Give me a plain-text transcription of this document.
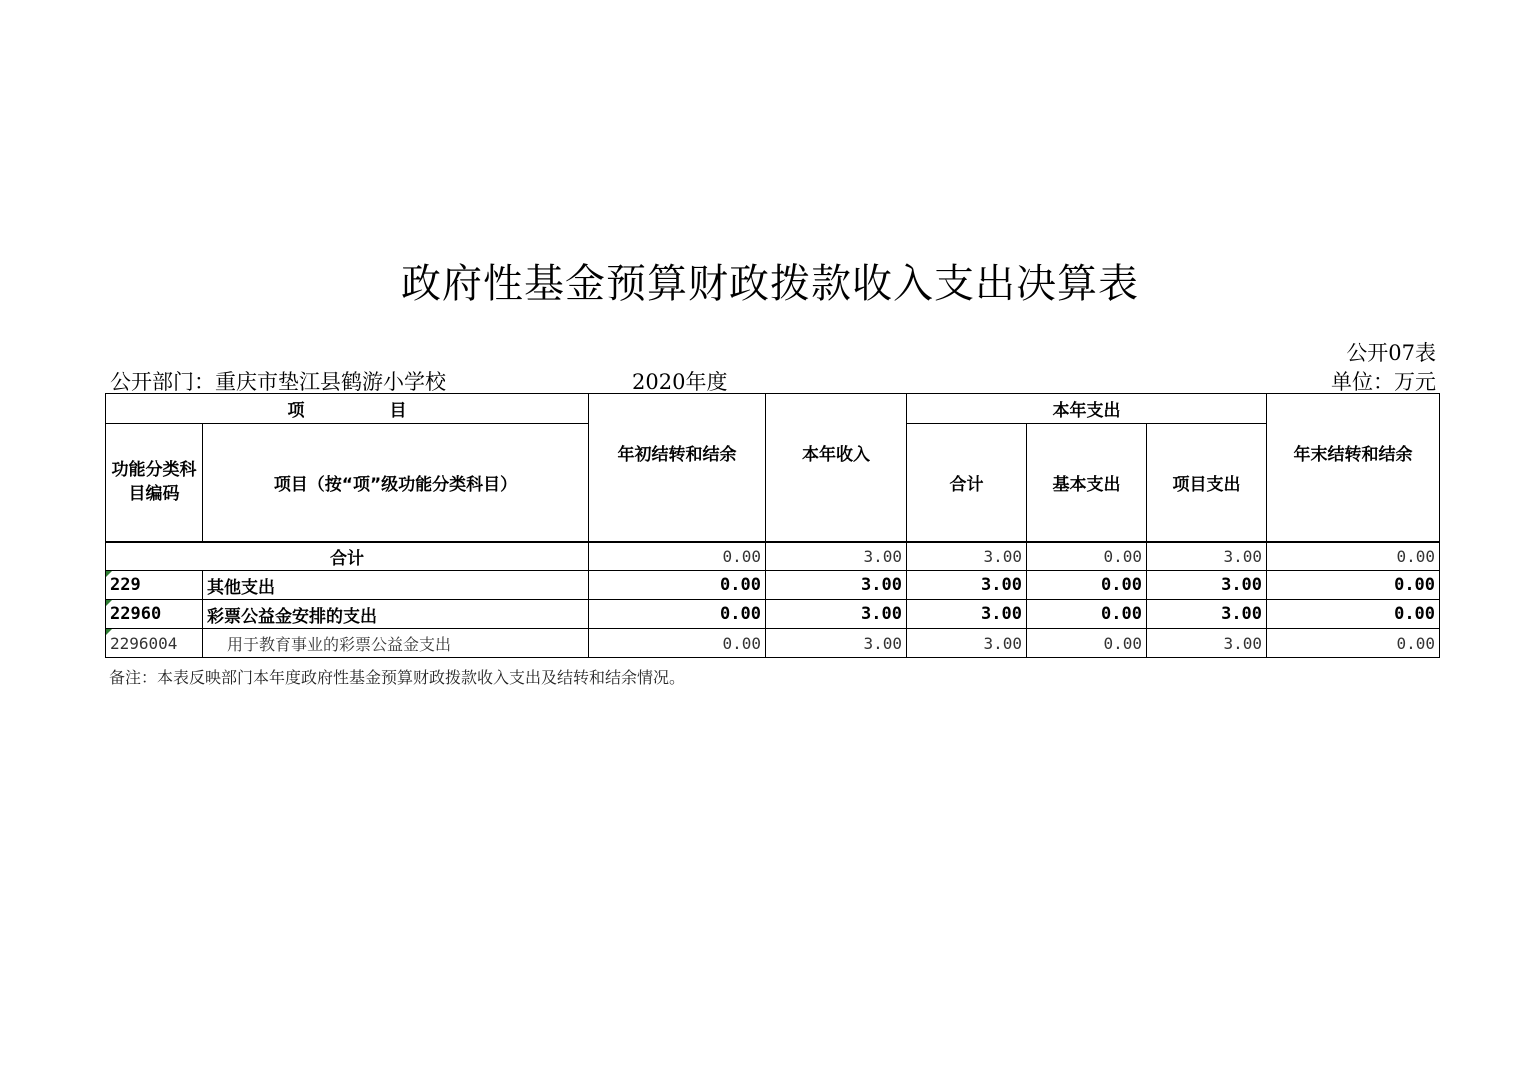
政府性基金预算财政拨款收入支出决算表
公开07表
公开部门：重庆市垫江县鹤游小学校	2020年度	单位：万元
项　　　　　目		年初结转和结余	本年收入	本年支出			年末结转和结余
功能分类科目编码	项目（按“项”级功能分类科目）			合计	基本支出	项目支出	
合计		0.00	3.00	3.00	0.00	3.00	0.00

229	其他支出	0.00	3.00	3.00	0.00	3.00	0.00

22960	彩票公益金安排的支出	0.00	3.00	3.00	0.00	3.00	0.00

2296004	用于教育事业的彩票公益金支出	0.00	3.00	3.00	0.00	3.00	0.00
备注：本表反映部门本年度政府性基金预算财政拨款收入支出及结转和结余情况。
